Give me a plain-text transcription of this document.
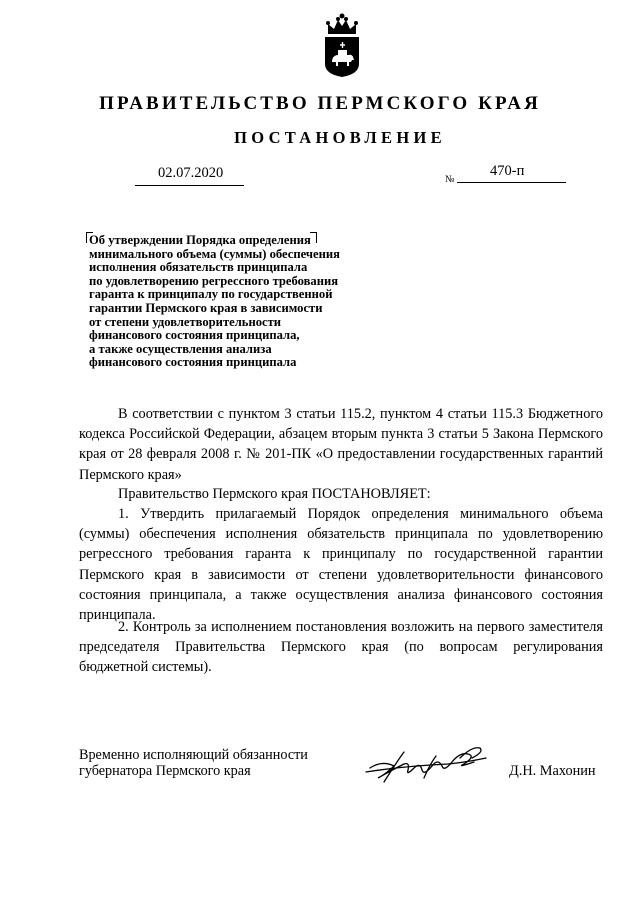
ПРАВИТЕЛЬСТВО ПЕРМСКОГО КРАЯ
ПОСТАНОВЛЕНИЕ
02.07.2020	№
470-п
Об утверждении Порядка определения
минимального объема (суммы) обеспечения
исполнения обязательств принципала
по удовлетворению регрессного требования
гаранта к принципалу по государственной
гарантии Пермского края в зависимости
от степени удовлетворительности
финансового состояния принципала,
а также осуществления анализа
финансового состояния принципала
В соответствии с пунктом 3 статьи 115.2, пунктом 4 статьи 115.3 Бюджетного кодекса Российской Федерации, абзацем вторым пункта 3 статьи 5 Закона Пермского края от 28 февраля 2008 г. № 201-ПК «О предоставлении государственных гарантий Пермского края»
Правительство Пермского края ПОСТАНОВЛЯЕТ:
1. Утвердить прилагаемый Порядок определения минимального объема (суммы) обеспечения исполнения обязательств принципала по удовлетворению регрессного требования гаранта к принципалу по государственной гарантии Пермского края в зависимости от степени удовлетворительности финансового состояния принципала, а также осуществления анализа финансового состояния принципала.
2. Контроль за исполнением постановления возложить на первого заместителя председателя Правительства Пермского края (по вопросам регулирования бюджетной системы).
Временно исполняющий обязанности
губернатора Пермского края	Д.Н. Махонин
